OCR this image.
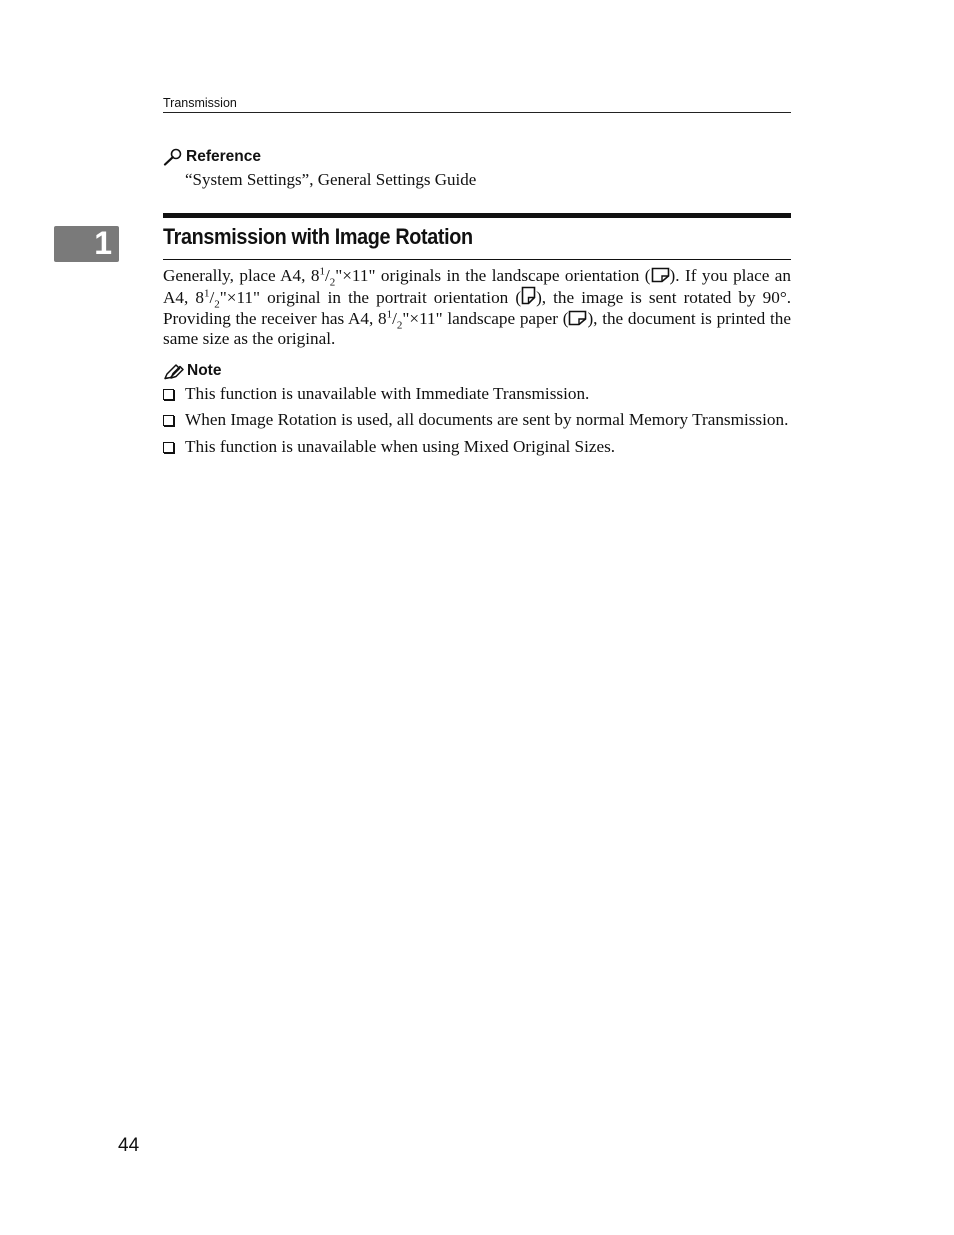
Transmission
Reference
“System Settings”, General Settings Guide
1 Transmission with Image Rotation
Generally, place A4, $8^1/_2"\times 11$" originals in the landscape orientation ( ). If you place an A4, $8^1/_2"\times 11$" original in the portrait orientation ( ), the image is sent rotated by 90°. Providing the receiver has A4, $8^1/_2"\times 11$" landscape paper ( ), the document is printed the same size as the original.
Note
This function is unavailable with Immediate Transmission.
When Image Rotation is used, all documents are sent by normal Memory Transmission.
This function is unavailable when using Mixed Original Sizes.
44
